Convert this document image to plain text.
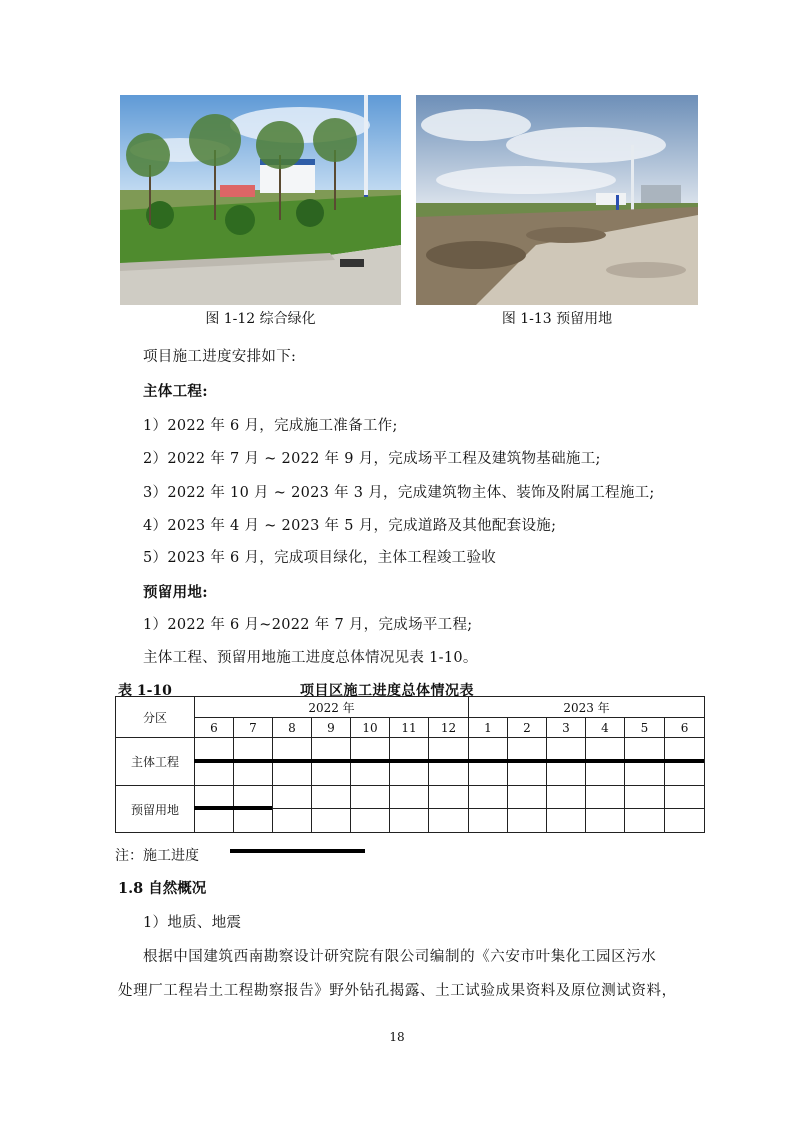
图 1-12 综合绿化	图 1-13 预留用地
项目施工进度安排如下:
主体工程:
1）2022 年 6 月，完成施工准备工作;
2）2022 年 7 月 ~ 2022 年 9 月，完成场平工程及建筑物基础施工;
3）2022 年 10 月 ~ 2023 年 3 月，完成建筑物主体、装饰及附属工程施工;
4）2023 年 4 月 ~ 2023 年 5 月，完成道路及其他配套设施;
5）2023 年 6 月，完成项目绿化，主体工程竣工验收
预留用地:
1）2022 年 6 月~2022 年 7 月，完成场平工程;
主体工程、预留用地施工进度总体情况见表 1-10。
表 1-10	项目区施工进度总体情况表
分区	2022 年							2023 年					
	6	7	8	9	10	11	12	1	2	3	4	5	6
主体工程													

预留用地													

注：施工进度
1.8 自然概况
1）地质、地震
根据中国建筑西南勘察设计研究院有限公司编制的《六安市叶集化工园区污水
处理厂工程岩土工程勘察报告》野外钻孔揭露、土工试验成果资料及原位测试资料，
18
